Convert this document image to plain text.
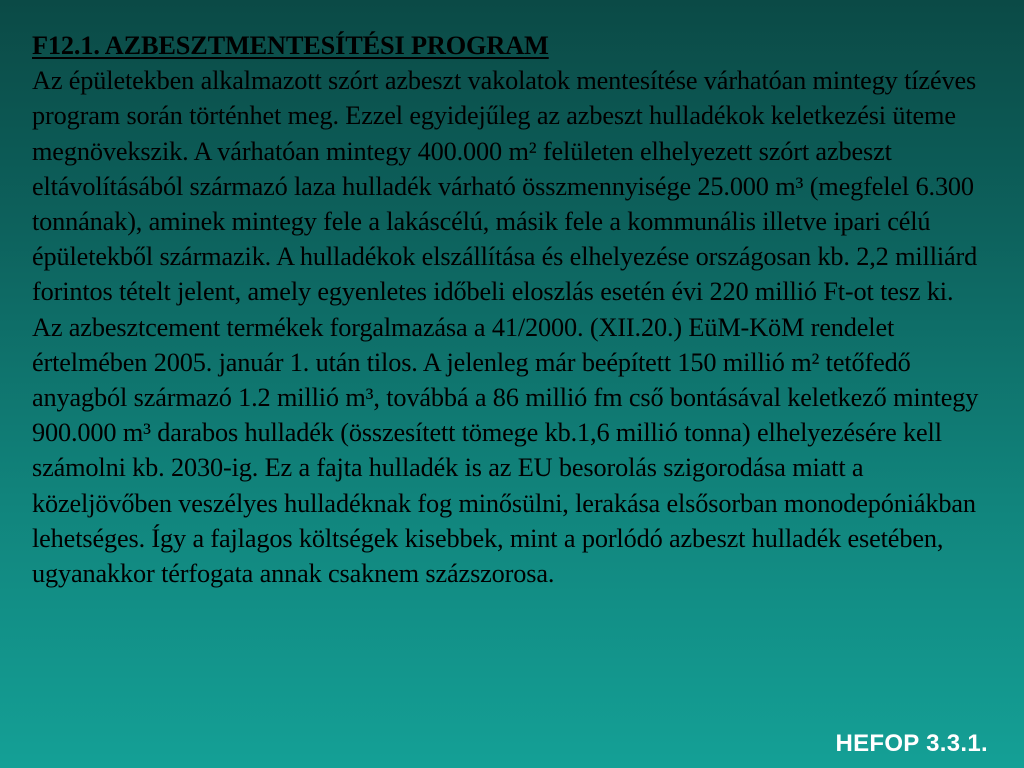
F12.1. AZBESZTMENTESÍTÉSI PROGRAM
Az épületekben alkalmazott szórt azbeszt vakolatok mentesítése várhatóan mintegy tízéves program során történhet meg. Ezzel egyidejűleg az azbeszt hulladékok keletkezési üteme megnövekszik. A várhatóan mintegy 400.000 m² felületen elhelyezett szórt azbeszt eltávolításából származó laza hulladék várható összmennyisége 25.000 m³ (megfelel 6.300 tonnának), aminek mintegy fele a lakáscélú, másik fele a kommunális illetve ipari célú épületekből származik. A hulladékok elszállítása és elhelyezése országosan kb. 2,2 milliárd forintos tételt jelent, amely egyenletes időbeli eloszlás esetén évi 220 millió Ft-ot tesz ki.
Az azbesztcement termékek forgalmazása a 41/2000. (XII.20.) EüM-KöM rendelet értelmében 2005. január 1. után tilos. A jelenleg már beépített 150 millió m² tetőfedő anyagból származó 1.2 millió m³, továbbá a 86 millió fm cső bontásával keletkező mintegy 900.000 m³ darabos hulladék (összesített tömege kb.1,6 millió tonna) elhelyezésére kell számolni kb. 2030-ig. Ez a fajta hulladék is az EU besorolás szigorodása miatt a közeljövőben veszélyes hulladéknak fog minősülni, lerakása elsősorban monodepóniákban lehetséges. Így a fajlagos költségek kisebbek, mint a porlódó azbeszt hulladék esetében, ugyanakkor térfogata annak csaknem százszorosa.
HEFOP 3.3.1.
